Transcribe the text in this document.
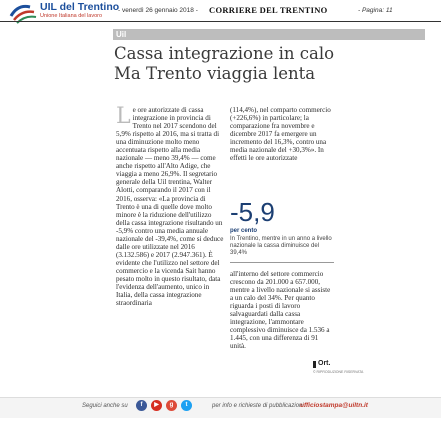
UIL del Trentino
Unione Italiana del lavoro
- venerdì 26 gennaio 2018 - CORRIERE DEL TRENTINO	- Pagina: 11
Uil
Cassa integrazione in calo
Ma Trento viaggia lenta
L e ore autorizzate di cassa integrazione in provincia di Trento nel 2017 scendono del 5,9% rispetto al 2016, ma si tratta di una diminuzione molto meno accentuata rispetto alla media nazionale — meno 39,4% — come anche rispetto all'Alto Adige, che viaggia a meno 26,9%. Il segretario generale della Uil trentina, Walter Alotti, comparando il 2017 con il 2016, osserva: «La provincia di Trento è una di quelle dove molto minore è la riduzione dell'utilizzo della cassa integrazione risultando un -5,9% contro una media annuale nazionale del -39,4%, come si deduce dalle ore utilizzate nel 2016 (3.132.586) e 2017 (2.947.361). È evidente che l'utilizzo nel settore del commercio e la vicenda Sait hanno pesato molto in questo risultato, data l'evidenza dell'aumento, unico in Italia, della cassa integrazione straordinaria
(114,4%), nel comparto commercio (+226,6%) in particolare; la comparazione fra novembre e dicembre 2017 fa emergere un incremento del 16,3%, contro una media nazionale del +30,3%». In effetti le ore autorizzate
-5,9
per cento
In Trentino, mentre in un anno a livello nazionale la cassa diminuisce del 39,4%
all'interno del settore commercio crescono da 201.000 a 657.000, mentre a livello nazionale si assiste a un calo del 34%. Per quanto riguarda i posti di lavoro salvaguardati dalla cassa integrazione, l'ammontare complessivo diminuisce da 1.536 a 1.445, con una differenza di 91 unità.
Ort.
© RIPRODUZIONE RISERVATA
Seguici anche su	f	▶	g	t	per info e richieste di pubblicazioni:
ufficiostampa@uiltn.it
